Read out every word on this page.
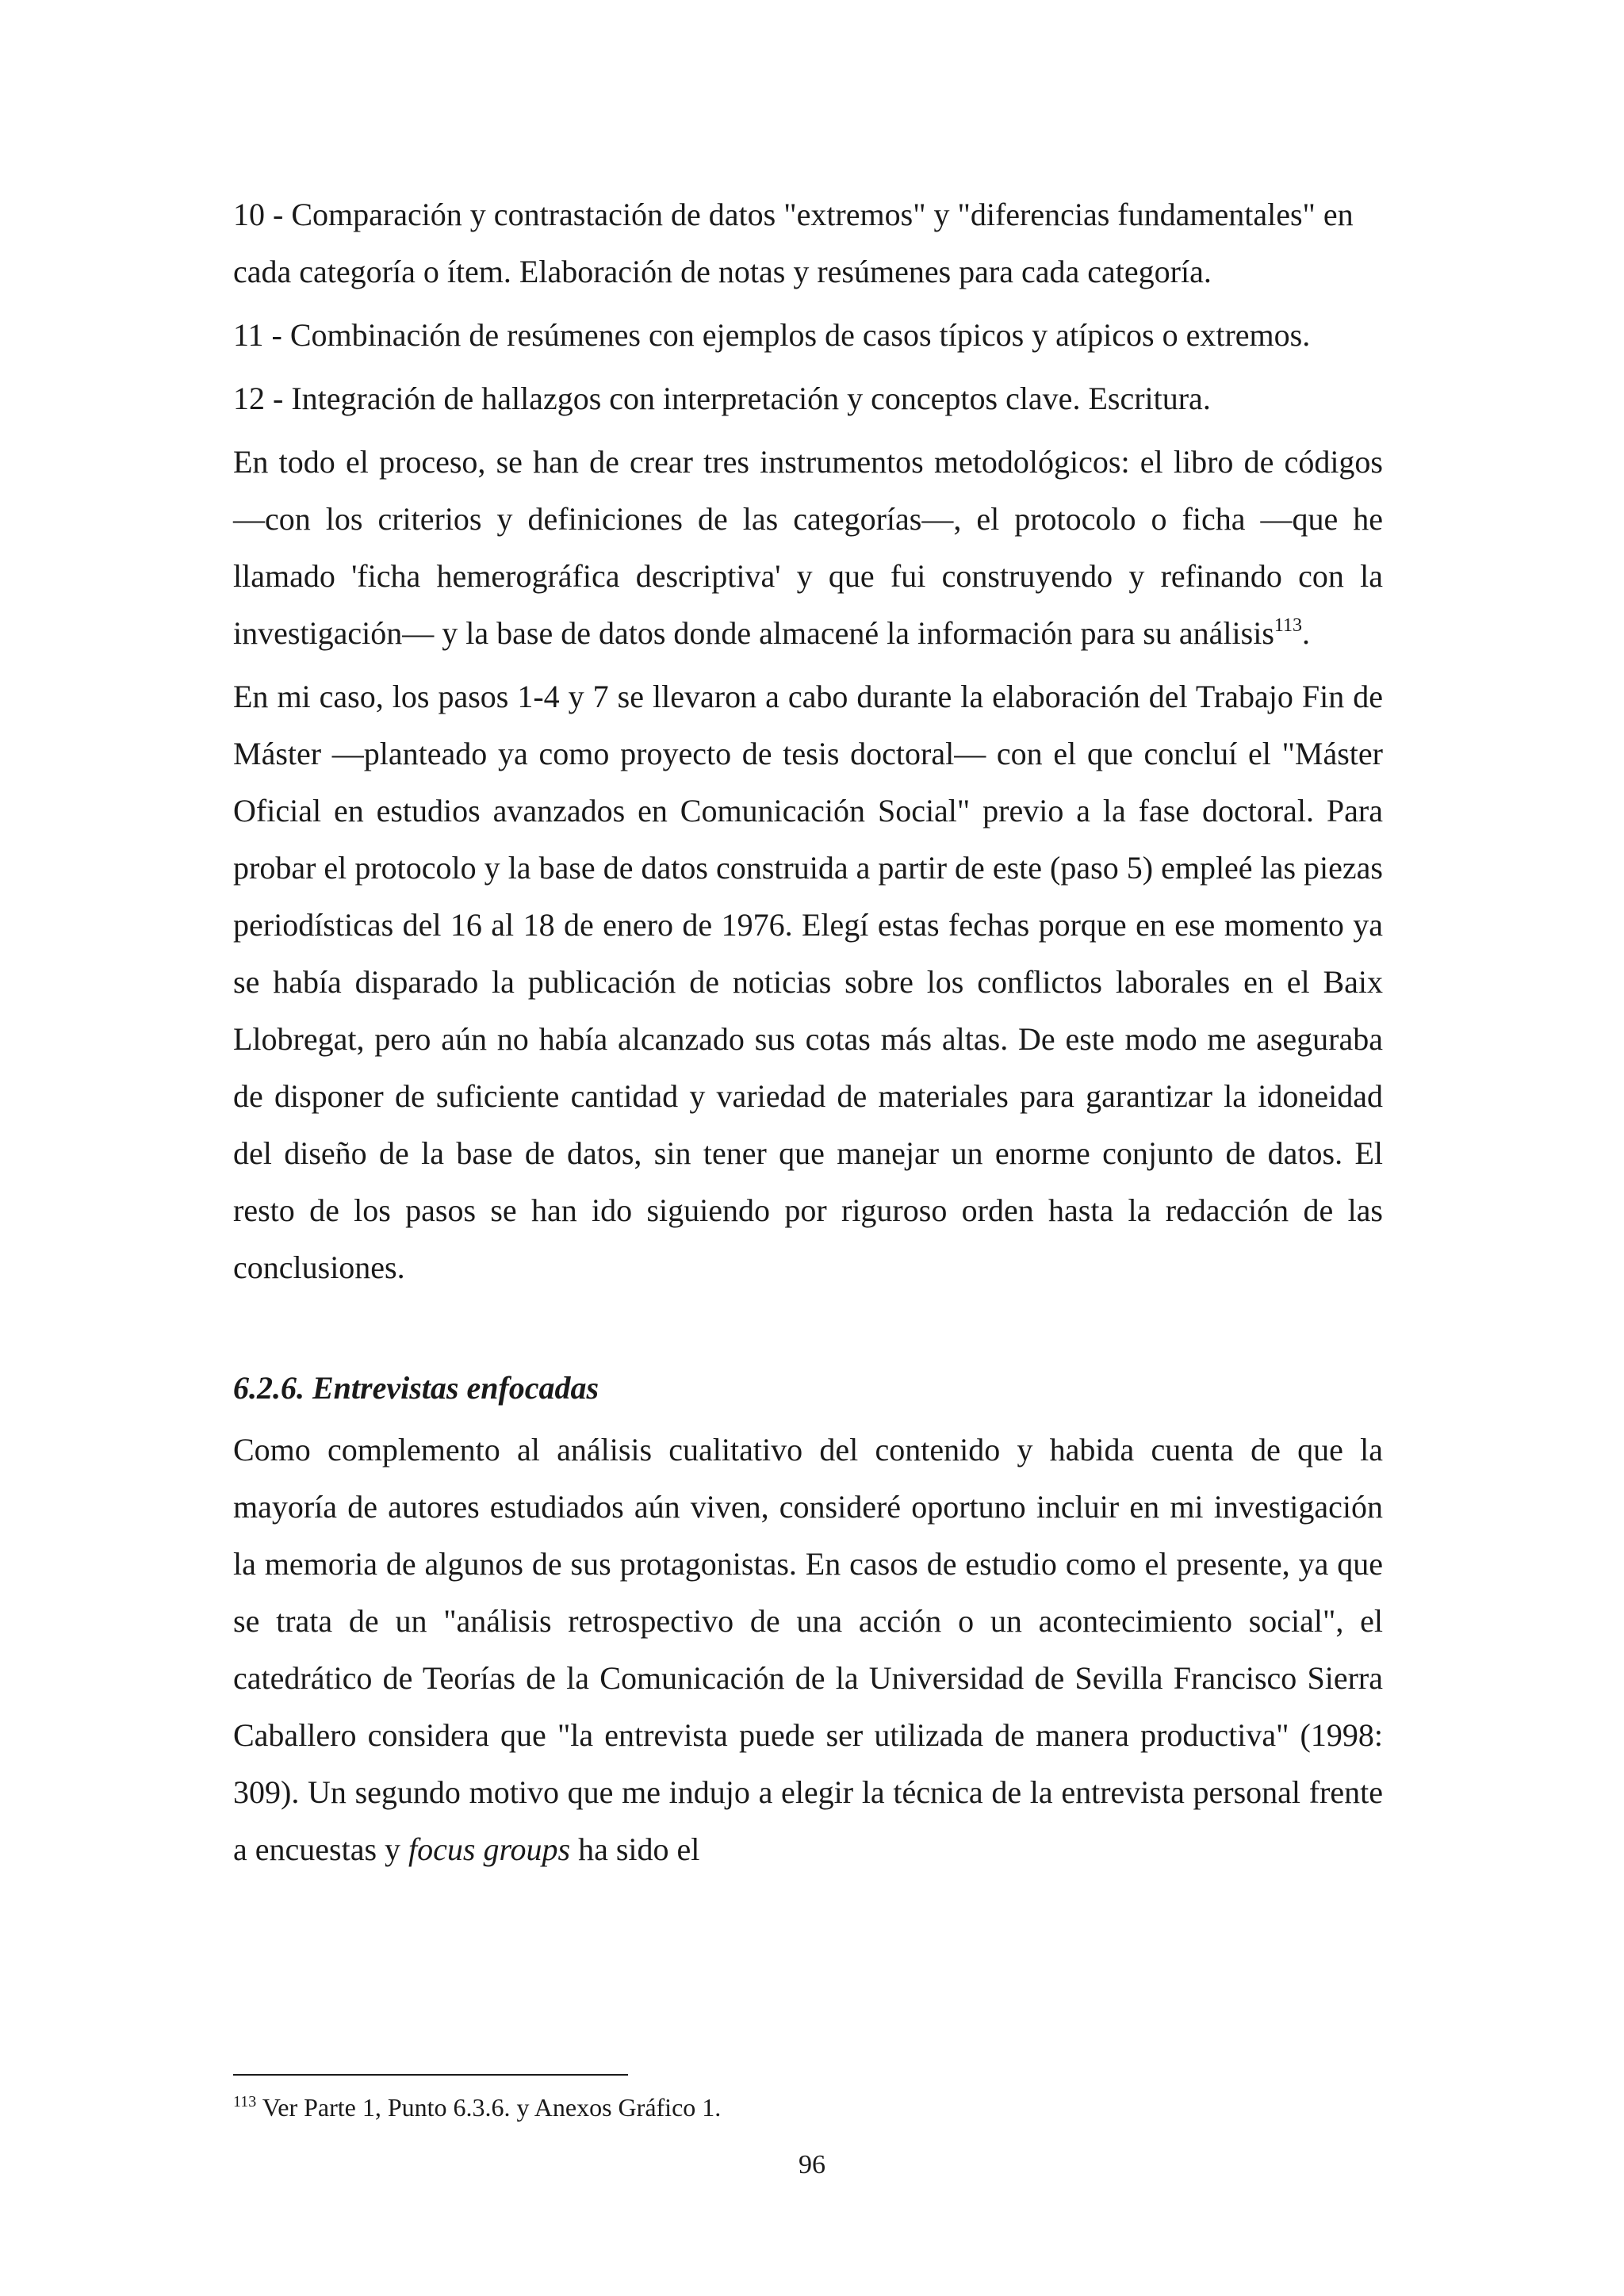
10 - Comparación y contrastación de datos "extremos" y "diferencias fundamentales" en cada categoría o ítem. Elaboración de notas y resúmenes para cada categoría.

11 - Combinación de resúmenes con ejemplos de casos típicos y atípicos o extremos.

12 - Integración de hallazgos con interpretación y conceptos clave. Escritura.

En todo el proceso, se han de crear tres instrumentos metodológicos: el libro de códigos —con los criterios y definiciones de las categorías—, el protocolo o ficha —que he llamado 'ficha hemerográfica descriptiva' y que fui construyendo y refinando con la investigación— y la base de datos donde almacené la información para su análisis$^{113}$.

En mi caso, los pasos 1-4 y 7 se llevaron a cabo durante la elaboración del Trabajo Fin de Máster —planteado ya como proyecto de tesis doctoral— con el que concluí el "Máster Oficial en estudios avanzados en Comunicación Social" previo a la fase doctoral. Para probar el protocolo y la base de datos construida a partir de este (paso 5) empleé las piezas periodísticas del 16 al 18 de enero de 1976. Elegí estas fechas porque en ese momento ya se había disparado la publicación de noticias sobre los conflictos laborales en el Baix Llobregat, pero aún no había alcanzado sus cotas más altas. De este modo me aseguraba de disponer de suficiente cantidad y variedad de materiales para garantizar la idoneidad del diseño de la base de datos, sin tener que manejar un enorme conjunto de datos. El resto de los pasos se han ido siguiendo por riguroso orden hasta la redacción de las conclusiones.

6.2.6. Entrevistas enfocadas

Como complemento al análisis cualitativo del contenido y habida cuenta de que la mayoría de autores estudiados aún viven, consideré oportuno incluir en mi investigación la memoria de algunos de sus protagonistas. En casos de estudio como el presente, ya que se trata de un "análisis retrospectivo de una acción o un acontecimiento social", el catedrático de Teorías de la Comunicación de la Universidad de Sevilla Francisco Sierra Caballero considera que "la entrevista puede ser utilizada de manera productiva" (1998: 309). Un segundo motivo que me indujo a elegir la técnica de la entrevista personal frente a encuestas y focus groups ha sido el

$^{113}$ Ver Parte 1, Punto 6.3.6. y Anexos Gráfico 1.
96
